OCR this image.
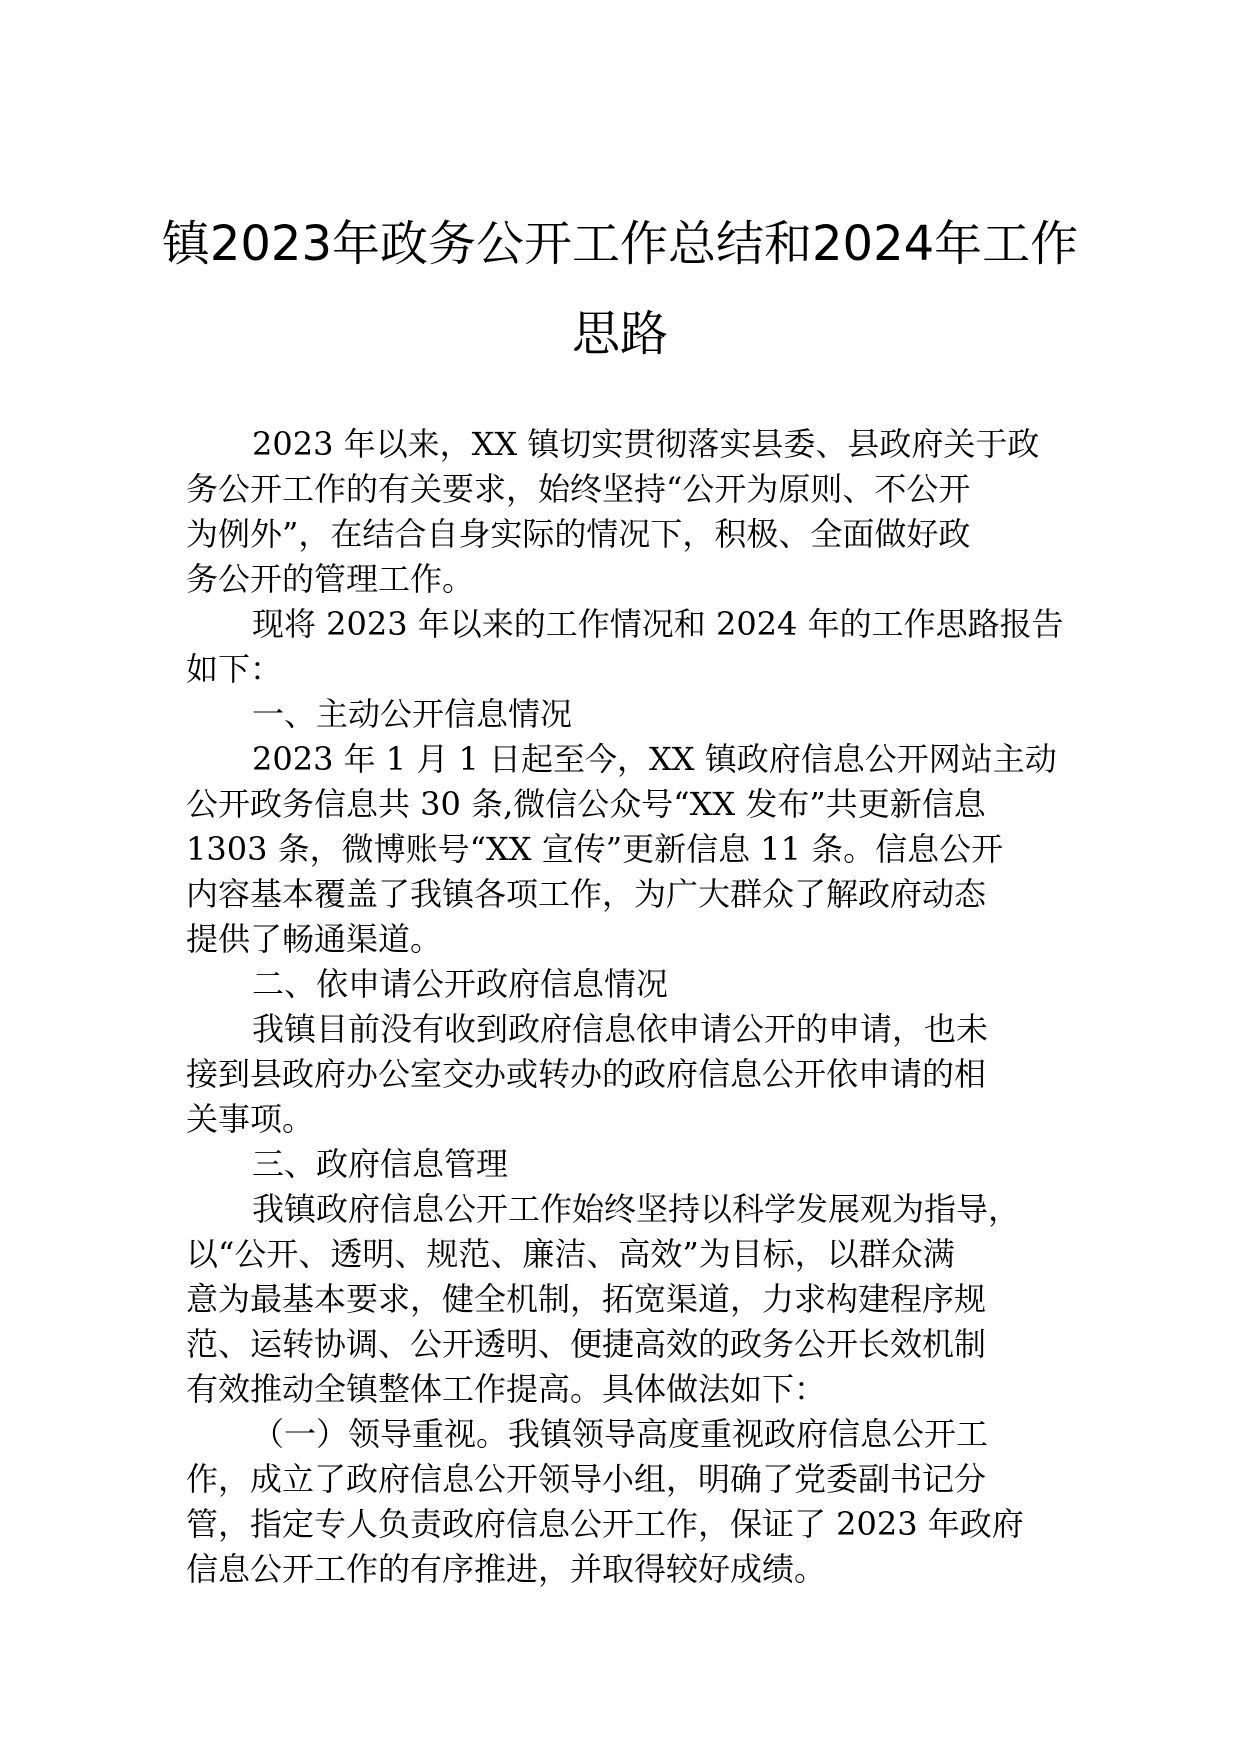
镇2023年政务公开工作总结和2024年工作
思路
2023 年以来，XX 镇切实贯彻落实县委、县政府关于政
务公开工作的有关要求，始终坚持“公开为原则、不公开
为例外”，在结合自身实际的情况下，积极、全面做好政
务公开的管理工作。
现将 2023 年以来的工作情况和 2024 年的工作思路报告
如下：
一、主动公开信息情况
2023 年 1 月 1 日起至今，XX 镇政府信息公开网站主动
公开政务信息共 30 条,微信公众号“XX 发布”共更新信息
1303 条，微博账号“XX 宣传”更新信息 11 条。信息公开
内容基本覆盖了我镇各项工作，为广大群众了解政府动态
提供了畅通渠道。
二、依申请公开政府信息情况
我镇目前没有收到政府信息依申请公开的申请，也未
接到县政府办公室交办或转办的政府信息公开依申请的相
关事项。
三、政府信息管理
我镇政府信息公开工作始终坚持以科学发展观为指导，
以“公开、透明、规范、廉洁、高效”为目标，以群众满
意为最基本要求，健全机制，拓宽渠道，力求构建程序规
范、运转协调、公开透明、便捷高效的政务公开长效机制
有效推动全镇整体工作提高。具体做法如下：
（一）领导重视。我镇领导高度重视政府信息公开工
作，成立了政府信息公开领导小组，明确了党委副书记分
管，指定专人负责政府信息公开工作，保证了 2023 年政府
信息公开工作的有序推进，并取得较好成绩。
